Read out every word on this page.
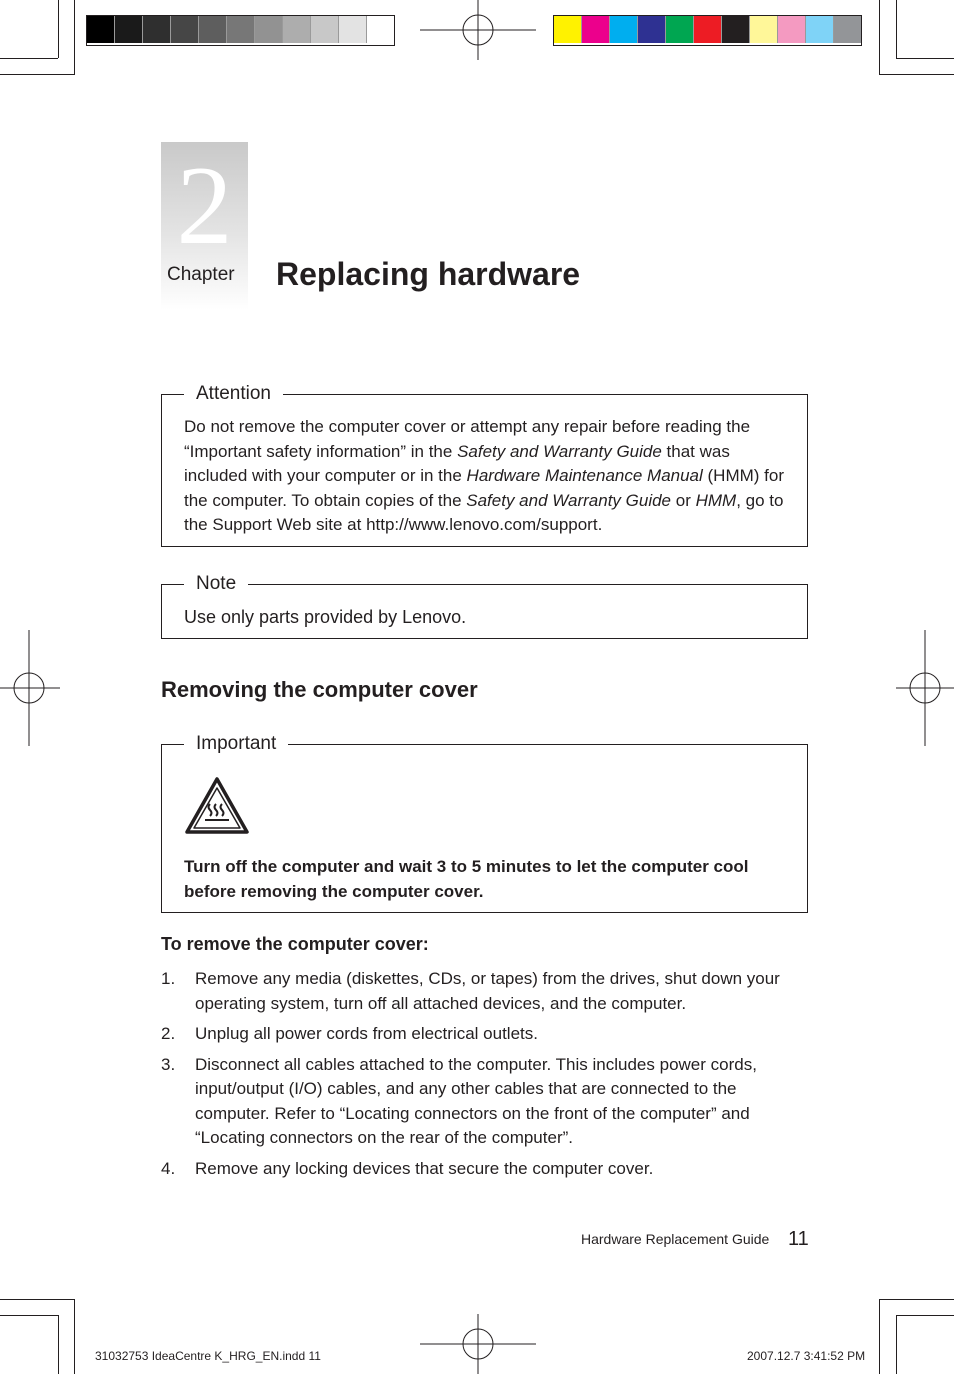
2
Chapter Replacing hardware
Attention
Do not remove the computer cover or attempt any repair before reading the “Important safety information” in the Safety and Warranty Guide that was included with your computer or in the Hardware Maintenance Manual (HMM) for the computer. To obtain copies of the Safety and Warranty Guide or HMM, go to the Support Web site at http://www.lenovo.com/support.
Note
Use only parts provided by Lenovo.
Removing the computer cover
Important
Turn off the computer and wait 3 to 5 minutes to let the computer cool before removing the computer cover.
To remove the computer cover:
1.	Remove any media (diskettes, CDs, or tapes) from the drives, shut down your operating system, turn off all attached devices, and the computer.
2.	Unplug all power cords from electrical outlets.
3.	Disconnect all cables attached to the computer. This includes power cords, input/output (I/O) cables, and any other cables that are connected to the computer. Refer to “Locating connectors on the front of the computer” and “Locating connectors on the rear of the computer”.
4.	Remove any locking devices that secure the computer cover.
Hardware Replacement Guide 11
31032753 IdeaCentre K_HRG_EN.indd 11	2007.12.7 3:41:52 PM
